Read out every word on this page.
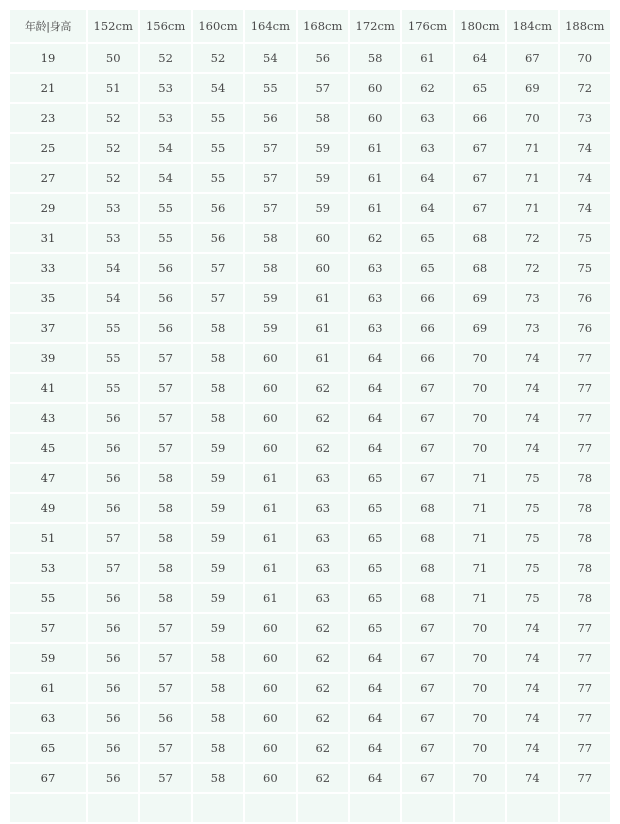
年龄|身高	152cm	156cm	160cm	164cm	168cm	172cm	176cm	180cm	184cm	188cm
19	50	52	52	54	56	58	61	64	67	70
21	51	53	54	55	57	60	62	65	69	72
23	52	53	55	56	58	60	63	66	70	73
25	52	54	55	57	59	61	63	67	71	74
27	52	54	55	57	59	61	64	67	71	74
29	53	55	56	57	59	61	64	67	71	74
31	53	55	56	58	60	62	65	68	72	75
33	54	56	57	58	60	63	65	68	72	75
35	54	56	57	59	61	63	66	69	73	76
37	55	56	58	59	61	63	66	69	73	76
39	55	57	58	60	61	64	66	70	74	77
41	55	57	58	60	62	64	67	70	74	77
43	56	57	58	60	62	64	67	70	74	77
45	56	57	59	60	62	64	67	70	74	77
47	56	58	59	61	63	65	67	71	75	78
49	56	58	59	61	63	65	68	71	75	78
51	57	58	59	61	63	65	68	71	75	78
53	57	58	59	61	63	65	68	71	75	78
55	56	58	59	61	63	65	68	71	75	78
57	56	57	59	60	62	65	67	70	74	77
59	56	57	58	60	62	64	67	70	74	77
61	56	57	58	60	62	64	67	70	74	77
63	56	56	58	60	62	64	67	70	74	77
65	56	57	58	60	62	64	67	70	74	77
67	56	57	58	60	62	64	67	70	74	77
